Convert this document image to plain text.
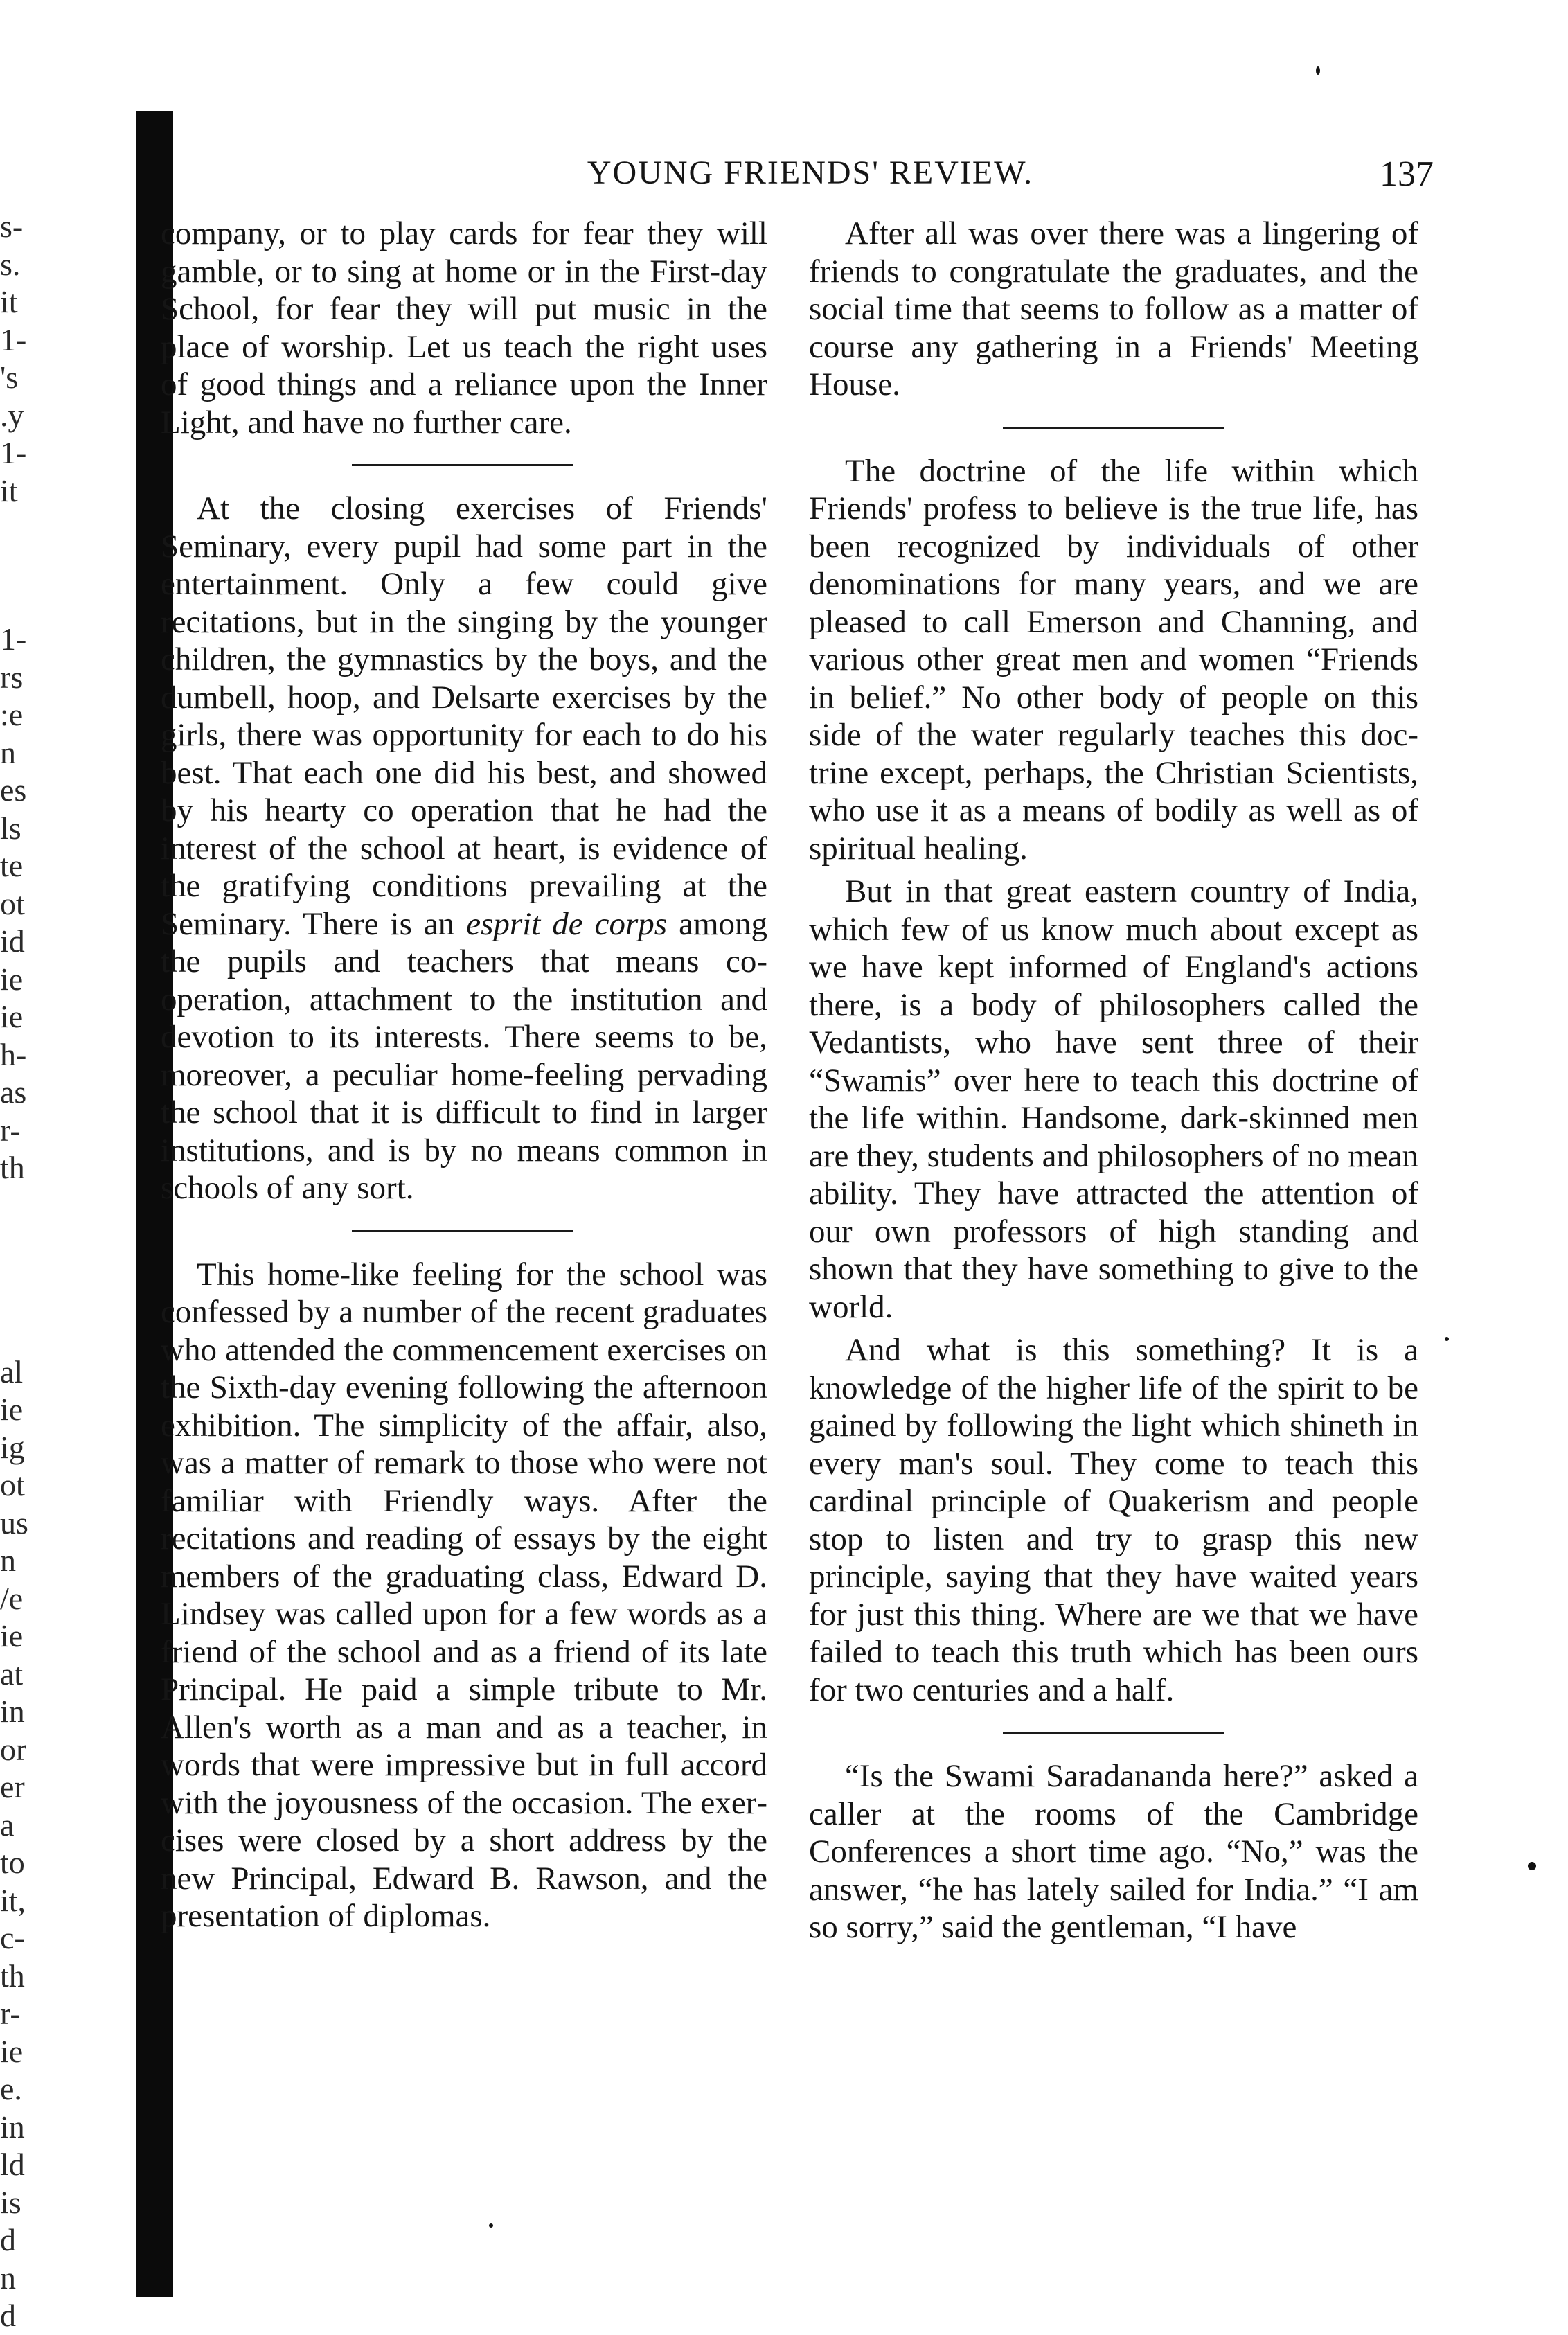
s-
s.
it
1-
's
.y
1-
it
1-
rs
:e
n
es
ls
te
ot
id
ie
ie
h-
as
r-
th
al
ie
ig
ot
us
n
/e
ie
at
in
or
er
a
to
it,
c-
th
r-
ie
e.
in
ld
is
d
n
d
YOUNG FRIENDS' REVIEW.	137

company, or to play cards for fear they will gamble, or to sing at home or in the First-day School, for fear they will put music in the place of worship. Let us teach the right uses of good things and a reliance upon the Inner Light, and have no further care.

At the closing exercises of Friends' Seminary, every pupil had some part in the entertainment. Only a few could give recitations, but in the singing by the younger children, the gymnastics by the boys, and the dumbell, hoop, and Delsarte exercises by the girls, there was opportunity for each to do his best. That each one did his best, and showed by his hearty co operation that he had the interest of the school at heart, is evidence of the gratifying conditions prevailing at the Seminary. There is an esprit de corps among the pupils and teachers that means co-operation, attachment to the institution and devotion to its interests. There seems to be, moreover, a peculiar home-feeling pervading the school that it is difficult to find in larger institutions, and is by no means common in schools of any sort.

This home-like feeling for the school was confessed by a number of the recent graduates who attended the commencement exercises on the Sixth-day evening following the afternoon exhibition. The simplicity of the affair, also, was a matter of remark to those who were not familiar with Friendly ways. After the recitations and reading of essays by the eight members of the graduating class, Edward D. Lindsey was called upon for a few words as a friend of the school and as a friend of its late Principal. He paid a simple tribute to Mr. Allen's worth as a man and as a teacher, in words that were impressive but in full accord with the joyousness of the occasion. The exercises were closed by a short address by the new Principal, Edward B. Rawson, and the presentation of diplomas.

After all was over there was a lingering of friends to congratulate the graduates, and the social time that seems to follow as a matter of course any gathering in a Friends' Meeting House.

The doctrine of the life within which Friends' profess to believe is the true life, has been recognized by individuals of other denominations for many years, and we are pleased to call Emerson and Channing, and various other great men and women “Friends in belief.” No other body of people on this side of the water regularly teaches this doctrine except, perhaps, the Christian Scientists, who use it as a means of bodily as well as of spiritual healing.

But in that great eastern country of India, which few of us know much about except as we have kept informed of England's actions there, is a body of philosophers called the Vedantists, who have sent three of their “Swamis” over here to teach this doctrine of the life within. Handsome, dark-skinned men are they, students and philosophers of no mean ability. They have attracted the attention of our own professors of high standing and shown that they have something to give to the world.

And what is this something? It is a knowledge of the higher life of the spirit to be gained by following the light which shineth in every man's soul. They come to teach this cardinal principle of Quakerism and people stop to listen and try to grasp this new principle, saying that they have waited years for just this thing. Where are we that we have failed to teach this truth which has been ours for two centuries and a half.

“Is the Swami Saradananda here?” asked a caller at the rooms of the Cambridge Conferences a short time ago. “No,” was the answer, “he has lately sailed for India.” “I am so sorry,” said the gentleman, “I have
